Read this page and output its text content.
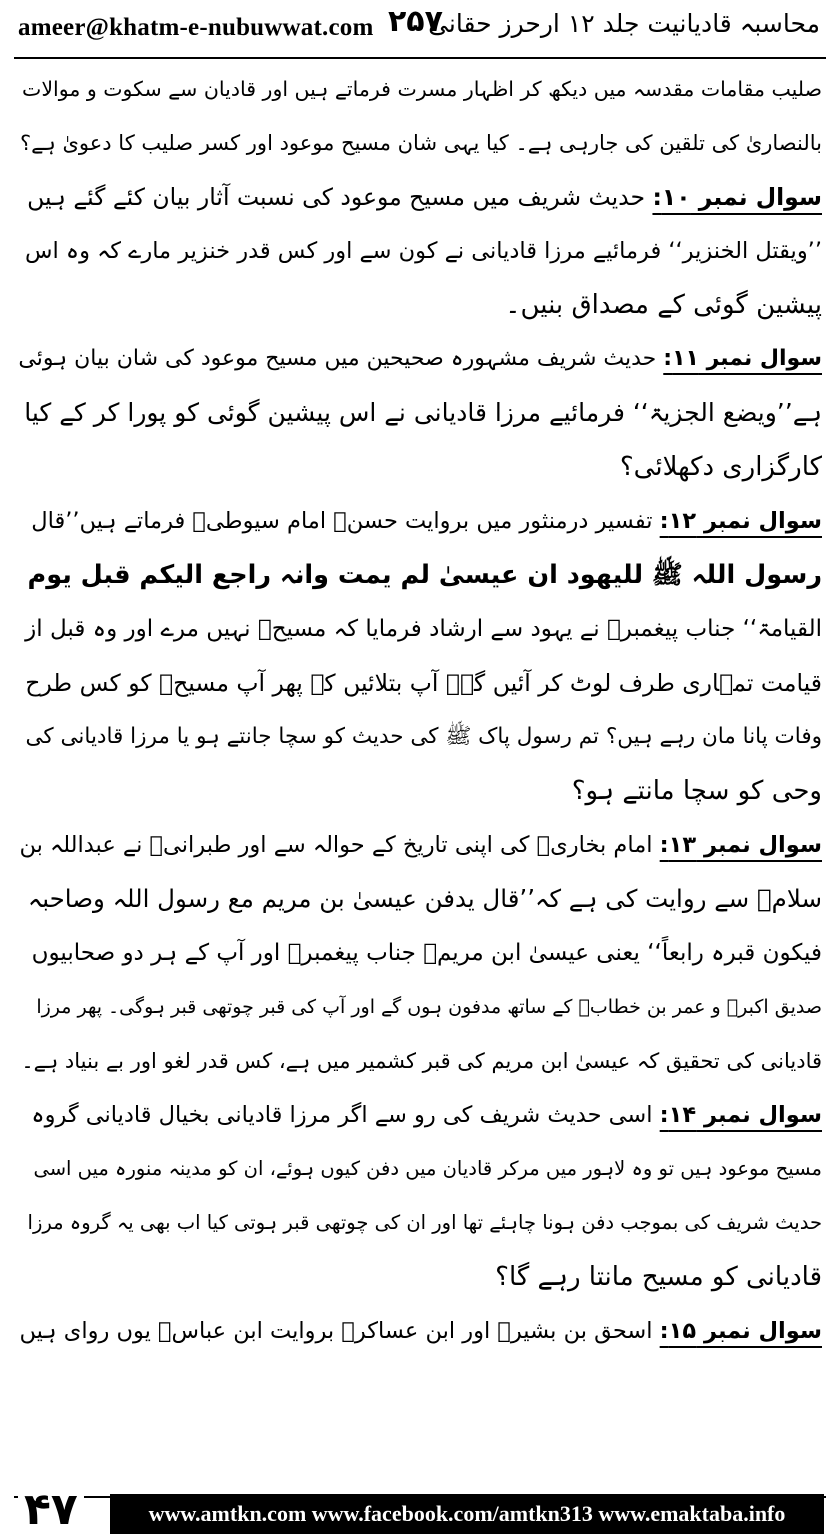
ameer@khatm-e-nubuwwat.com ۲۵۷
محاسبہ قادیانیت جلد ۱۲ ارحرز حقانی
صلیب مقامات مقدسہ میں دیکھ کر اظہار مسرت فرماتے ہیں اور قادیان سے سکوت و موالات
بالنصاریٰ کی تلقین کی جارہی ہے۔ کیا یہی شان مسیح موعود اور کسر صلیب کا دعویٰ ہے؟
سوال نمبر ۱۰: حدیث شریف میں مسیح موعود کی نسبت آثار بیان کئے گئے ہیں
’’ویقتل الخنزیر‘‘ فرمائیے مرزا قادیانی نے کون سے اور کس قدر خنزیر مارے کہ وہ اس
پیشین گوئی کے مصداق بنیں۔
سوال نمبر ۱۱: حدیث شریف مشہورہ صحیحین میں مسیح موعود کی شان بیان ہوئی
ہے’’ویضع الجزیۃ‘‘ فرمائیے مرزا قادیانی نے اس پیشین گوئی کو پورا کر کے کیا
کارگزاری دکھلائی؟
سوال نمبر ۱۲: تفسیر درمنثور میں بروایت حسنؒ امام سیوطیؒ فرماتے ہیں’’قال
رسول اللہ ﷺ للیھود ان عیسیٰ لم یمت وانہ راجع الیکم قبل یوم
القیامۃ‘‘ جناب پیغمبرؑ نے یہود سے ارشاد فرمایا کہ مسیحؑ نہیں مرے اور وہ قبل از
قیامت تمہاری طرف لوٹ کر آئیں گے۔ آپ بتلائیں کہ پھر آپ مسیحؑ کو کس طرح
وفات پانا مان رہے ہیں؟ تم رسول پاک ﷺ کی حدیث کو سچا جانتے ہو یا مرزا قادیانی کی
وحی کو سچا مانتے ہو؟
سوال نمبر ۱۳: امام بخاریؒ کی اپنی تاریخ کے حوالہ سے اور طبرانیؒ نے عبداللہ بن
سلامؓ سے روایت کی ہے کہ’’قال یدفن عیسیٰ بن مریم مع رسول اللہ وصاحبہ
فیکون قبرہ رابعاً‘‘ یعنی عیسیٰ ابن مریمؑ جناب پیغمبرؑ اور آپ کے ہر دو صحابیوں
صدیق اکبرؓ و عمر بن خطابؓ کے ساتھ مدفون ہوں گے اور آپ کی قبر چوتھی قبر ہوگی۔ پھر مرزا
قادیانی کی تحقیق کہ عیسیٰ ابن مریم کی قبر کشمیر میں ہے، کس قدر لغو اور بے بنیاد ہے۔
سوال نمبر ۱۴: اسی حدیث شریف کی رو سے اگر مرزا قادیانی بخیال قادیانی گروہ
مسیح موعود ہیں تو وہ لاہور میں مرکر قادیان میں دفن کیوں ہوئے، ان کو مدینہ منورہ میں اسی
حدیث شریف کی بموجب دفن ہونا چاہئے تھا اور ان کی چوتھی قبر ہوتی کیا اب بھی یہ گروہ مرزا
قادیانی کو مسیح مانتا رہے گا؟
سوال نمبر ۱۵: اسحق بن بشیرؒ اور ابن عساکرؒ بروایت ابن عباسؓ یوں روای ہیں
www.amtkn.com www.facebook.com/amtkn313 www.emaktaba.info
۴۷
